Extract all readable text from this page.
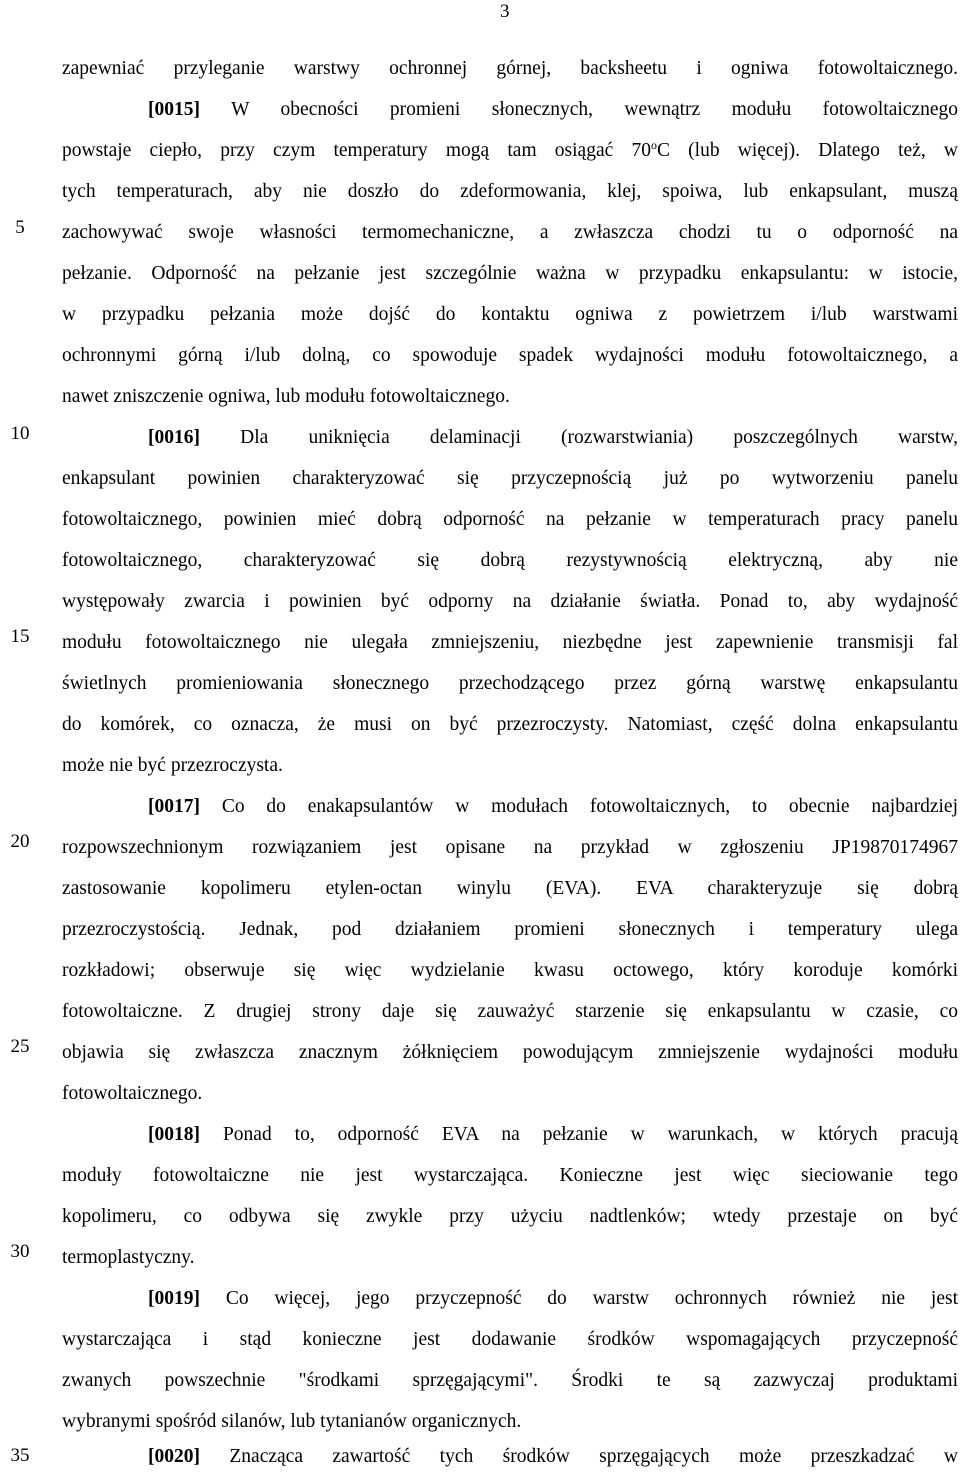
3
5
10
15
20
25
30
35
zapewniać przyleganie warstwy ochronnej górnej, backsheetu i ogniwa fotowoltaicznego.
[0015] W obecności promieni słonecznych, wewnątrz modułu fotowoltaicznego
powstaje ciepło, przy czym temperatury mogą tam osiągać 70$^o$C (lub więcej). Dlatego też, w
tych temperaturach, aby nie doszło do zdeformowania, klej, spoiwa, lub enkapsulant, muszą
zachowywać swoje własności termomechaniczne, a zwłaszcza chodzi tu o odporność na
pełzanie. Odporność na pełzanie jest szczególnie ważna w przypadku enkapsulantu: w istocie,
w przypadku pełzania może dojść do kontaktu ogniwa z powietrzem i/lub warstwami
ochronnymi górną i/lub dolną, co spowoduje spadek wydajności modułu fotowoltaicznego, a
nawet zniszczenie ogniwa, lub modułu fotowoltaicznego.
[0016] Dla uniknięcia delaminacji (rozwarstwiania) poszczególnych warstw,
enkapsulant powinien charakteryzować się przyczepnością już po wytworzeniu panelu
fotowoltaicznego, powinien mieć dobrą odporność na pełzanie w temperaturach pracy panelu
fotowoltaicznego, charakteryzować się dobrą rezystywnością elektryczną, aby nie
występowały zwarcia i powinien być odporny na działanie światła. Ponad to, aby wydajność
modułu fotowoltaicznego nie ulegała zmniejszeniu, niezbędne jest zapewnienie transmisji fal
świetlnych promieniowania słonecznego przechodzącego przez górną warstwę enkapsulantu
do komórek, co oznacza, że musi on być przezroczysty. Natomiast, część dolna enkapsulantu
może nie być przezroczysta.
[0017] Co do enakapsulantów w modułach fotowoltaicznych, to obecnie najbardziej
rozpowszechnionym rozwiązaniem jest opisane na przykład w zgłoszeniu JP19870174967
zastosowanie kopolimeru etylen-octan winylu (EVA). EVA charakteryzuje się dobrą
przezroczystością. Jednak, pod działaniem promieni słonecznych i temperatury ulega
rozkładowi; obserwuje się więc wydzielanie kwasu octowego, który koroduje komórki
fotowoltaiczne. Z drugiej strony daje się zauważyć starzenie się enkapsulantu w czasie, co
objawia się zwłaszcza znacznym żółknięciem powodującym zmniejszenie wydajności modułu
fotowoltaicznego.
[0018] Ponad to, odporność EVA na pełzanie w warunkach, w których pracują
moduły fotowoltaiczne nie jest wystarczająca. Konieczne jest więc sieciowanie tego
kopolimeru, co odbywa się zwykle przy użyciu nadtlenków; wtedy przestaje on być
termoplastyczny.
[0019] Co więcej, jego przyczepność do warstw ochronnych również nie jest
wystarczająca i stąd konieczne jest dodawanie środków wspomagających przyczepność
zwanych powszechnie "środkami sprzęgającymi". Środki te są zazwyczaj produktami
wybranymi spośród silanów, lub tytanianów organicznych.
[0020] Znacząca zawartość tych środków sprzęgających może przeszkadzać w
